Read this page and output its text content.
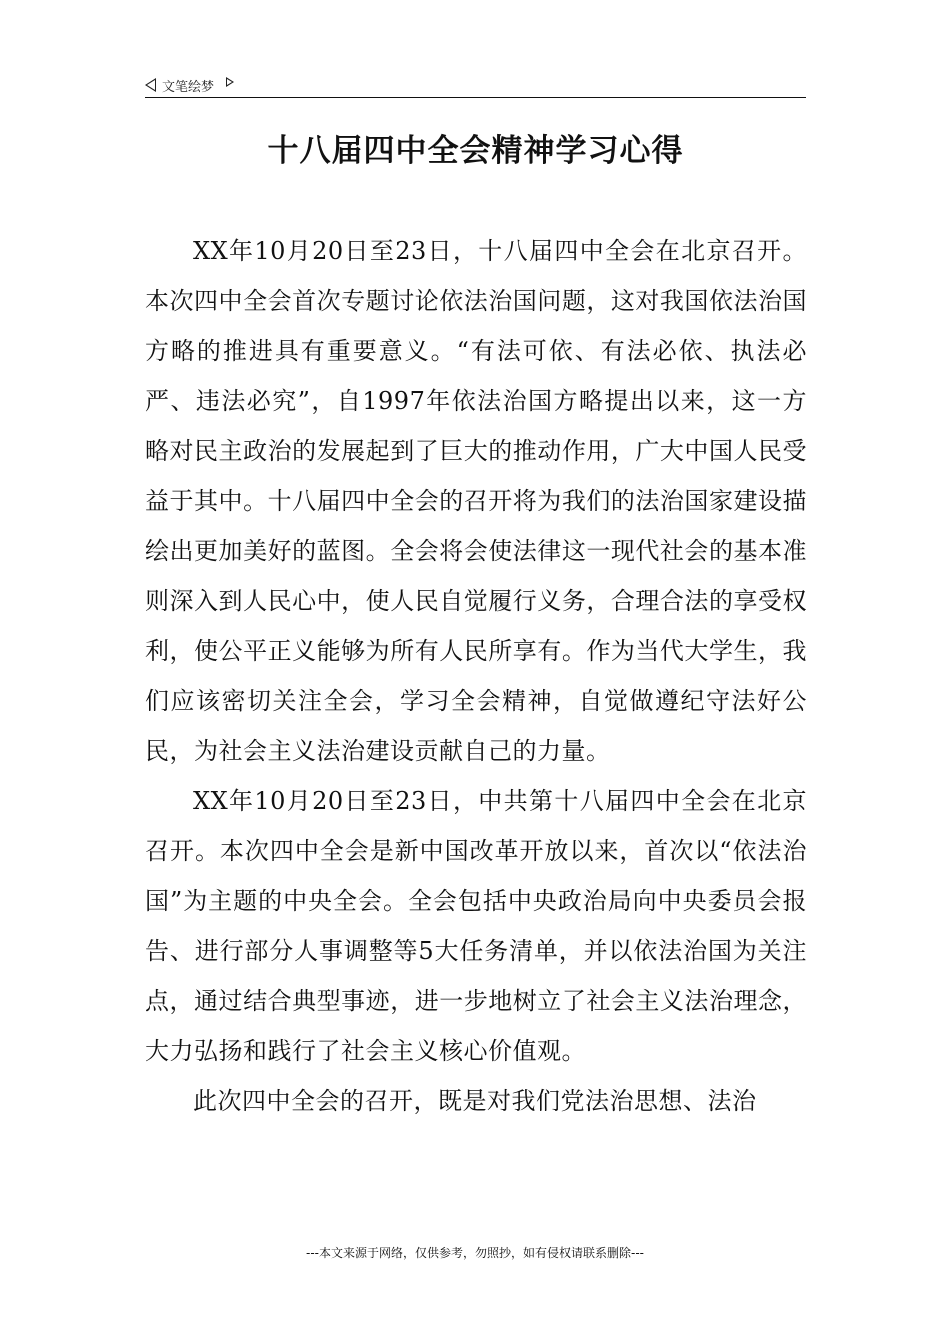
文笔绘梦
十八届四中全会精神学习心得

XX年10月20日至23日，十八届四中全会在北京召开。本次四中全会首次专题讨论依法治国问题，这对我国依法治国方略的推进具有重要意义。“有法可依、有法必依、执法必严、违法必究”，自1997年依法治国方略提出以来，这一方略对民主政治的发展起到了巨大的推动作用，广大中国人民受益于其中。十八届四中全会的召开将为我们的法治国家建设描绘出更加美好的蓝图。全会将会使法律这一现代社会的基本准则深入到人民心中，使人民自觉履行义务，合理合法的享受权利，使公平正义能够为所有人民所享有。作为当代大学生，我们应该密切关注全会，学习全会精神，自觉做遵纪守法好公民，为社会主义法治建设贡献自己的力量。

XX年10月20日至23日，中共第十八届四中全会在北京召开。本次四中全会是新中国改革开放以来，首次以“依法治国”为主题的中央全会。全会包括中央政治局向中央委员会报告、进行部分人事调整等5大任务清单，并以依法治国为关注点，通过结合典型事迹，进一步地树立了社会主义法治理念，大力弘扬和践行了社会主义核心价值观。

此次四中全会的召开，既是对我们党法治思想、法治

---本文来源于网络，仅供参考，勿照抄，如有侵权请联系删除---
